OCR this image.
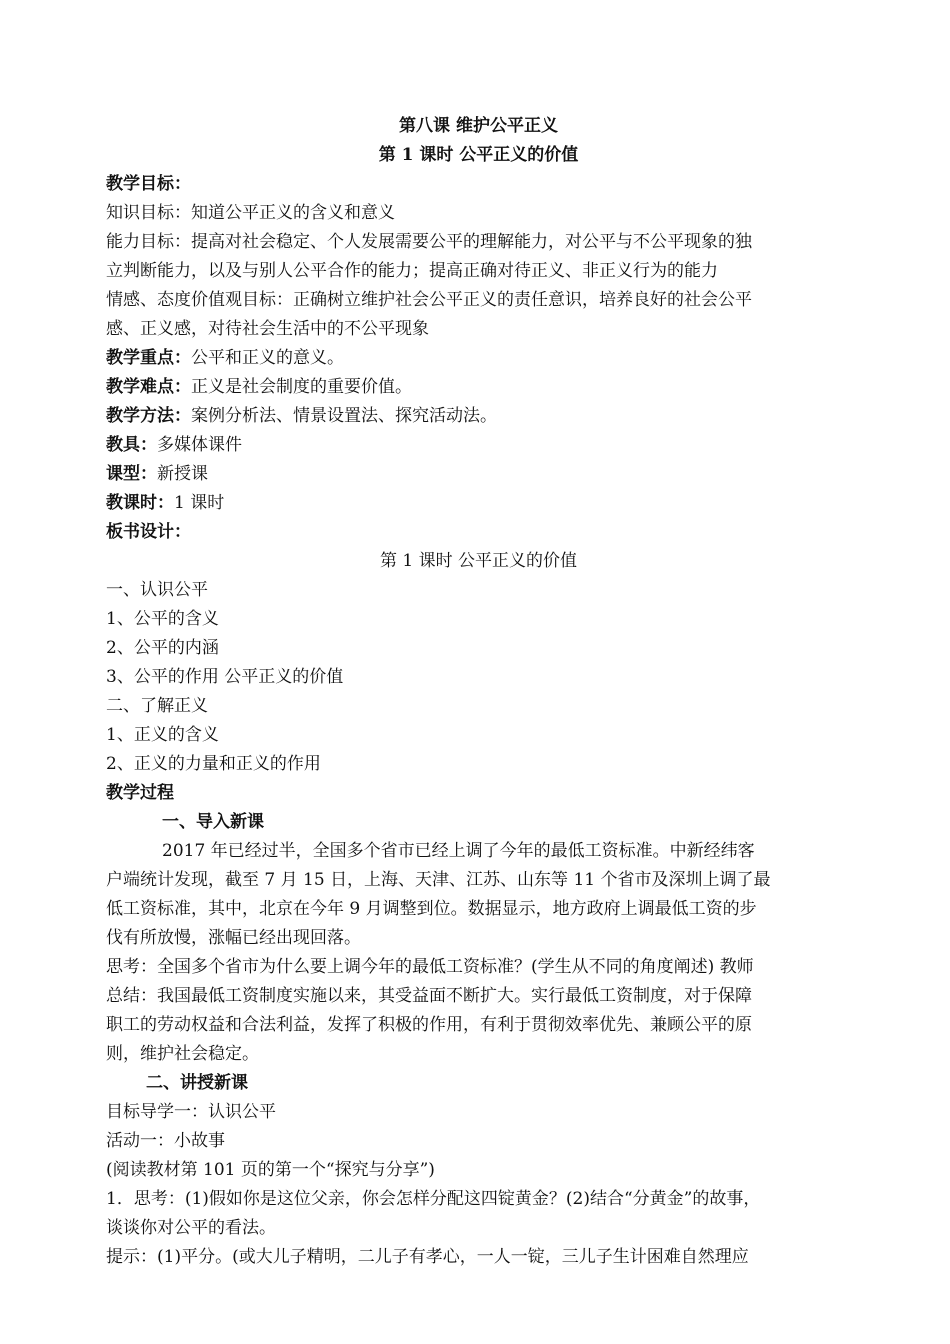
第八课 维护公平正义
第 1 课时 公平正义的价值
教学目标：
知识目标：知道公平正义的含义和意义
能力目标：提高对社会稳定、个人发展需要公平的理解能力，对公平与不公平现象的独
立判断能力，以及与别人公平合作的能力；提高正确对待正义、非正义行为的能力
情感、态度价值观目标：正确树立维护社会公平正义的责任意识，培养良好的社会公平
感、正义感，对待社会生活中的不公平现象
教学重点：公平和正义的意义。
教学难点：正义是社会制度的重要价值。
教学方法：案例分析法、情景设置法、探究活动法。
教具：多媒体课件
课型：新授课
教课时：1 课时
板书设计：
第 1 课时 公平正义的价值
一、认识公平
1、公平的含义
2、公平的内涵
3、公平的作用 公平正义的价值
二、了解正义
1、正义的含义
2、正义的力量和正义的作用
教学过程
一、导入新课
2017 年已经过半，全国多个省市已经上调了今年的最低工资标准。中新经纬客
户端统计发现，截至 7 月 15 日，上海、天津、江苏、山东等 11 个省市及深圳上调了最
低工资标准，其中，北京在今年 9 月调整到位。数据显示，地方政府上调最低工资的步
伐有所放慢，涨幅已经出现回落。
思考：全国多个省市为什么要上调今年的最低工资标准？(学生从不同的角度阐述) 教师
总结：我国最低工资制度实施以来，其受益面不断扩大。实行最低工资制度，对于保障
职工的劳动权益和合法利益，发挥了积极的作用，有利于贯彻效率优先、兼顾公平的原
则，维护社会稳定。
二、讲授新课
目标导学一：认识公平
活动一：小故事
(阅读教材第 101 页的第一个“探究与分享”)
1．思考：(1)假如你是这位父亲，你会怎样分配这四锭黄金？(2)结合“分黄金”的故事，
谈谈你对公平的看法。
提示：(1)平分。(或大儿子精明，二儿子有孝心，一人一锭，三儿子生计困难自然理应
